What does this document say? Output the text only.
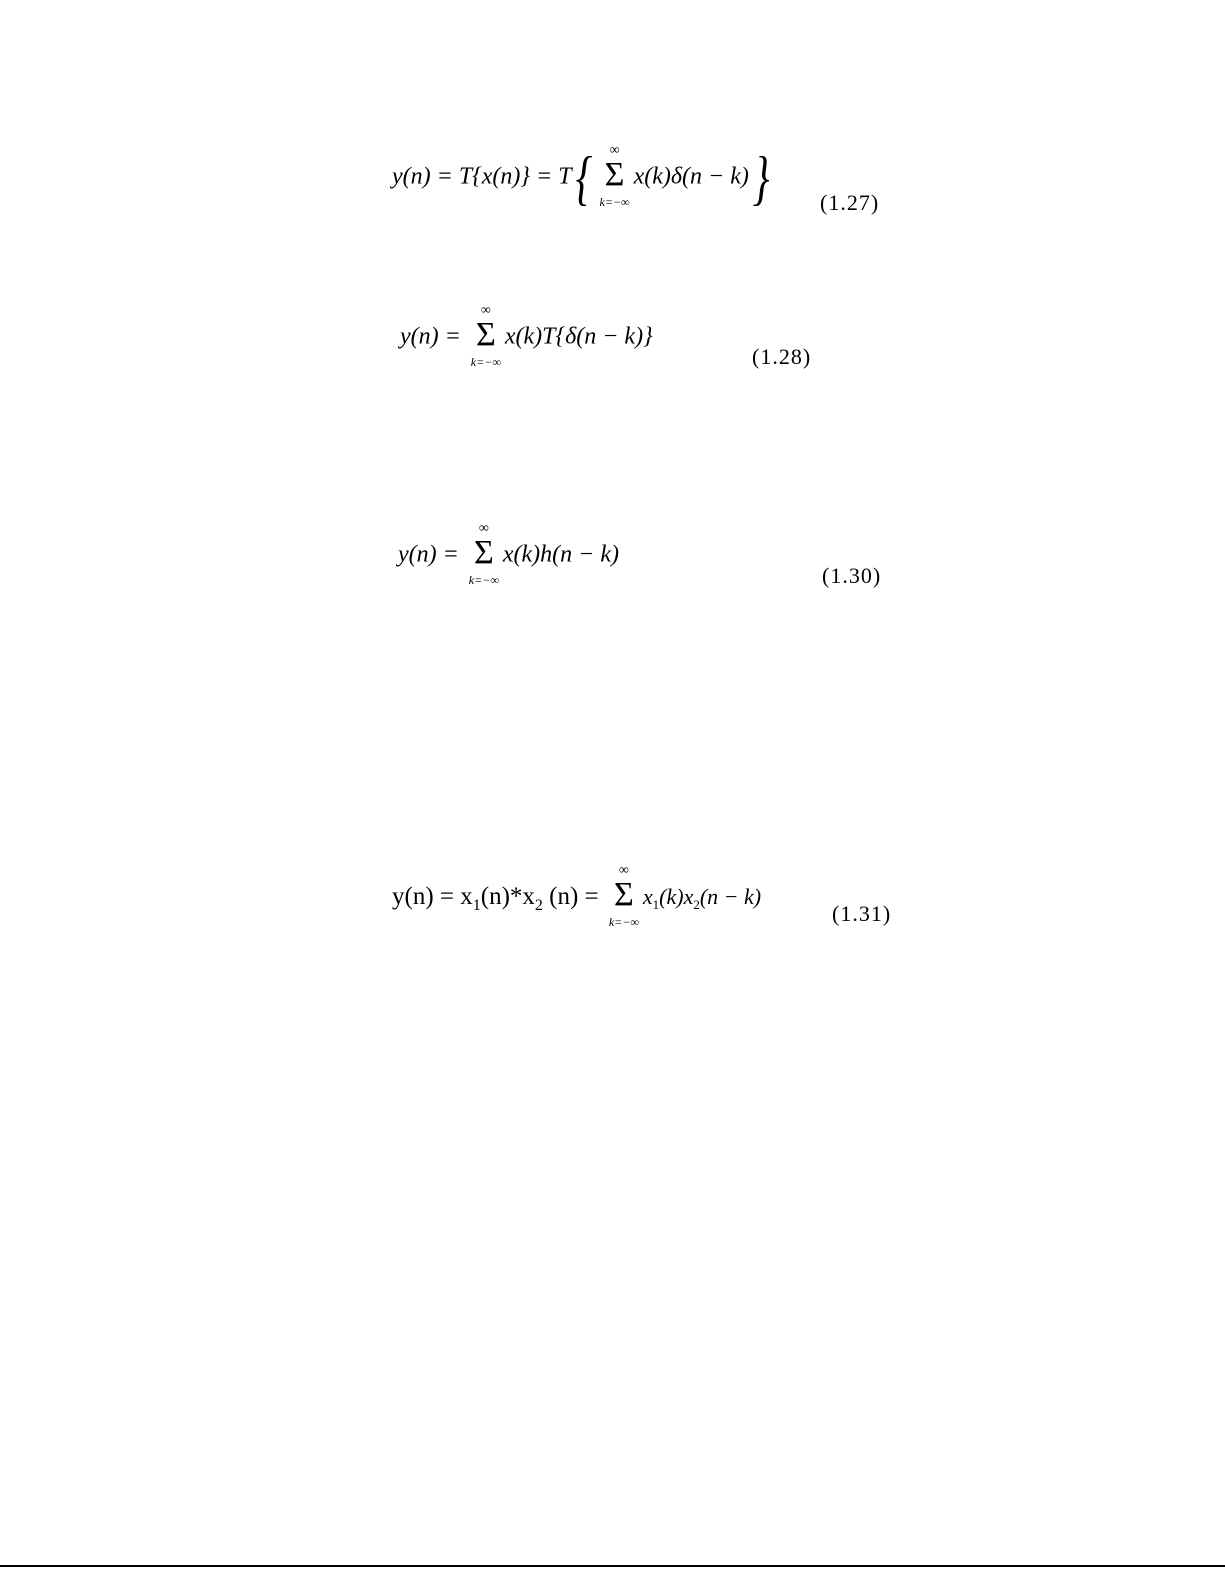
y(n) = T{x(n)} = T{	∞
Σ
k=−∞
x(k)δ(n − k)} (1.27)
y(n) =
∞
Σ
k=−∞
x(k)T{δ(n − k)}
(1.28)
y(n) =
∞
Σ
k=−∞
x(k)h(n − k)
(1.30)
$y(n) = x_1(n)*x_2$ (n) =
∞
Σ
k=−∞
$x_1(k)x_2(n - k)$
(1.31)
